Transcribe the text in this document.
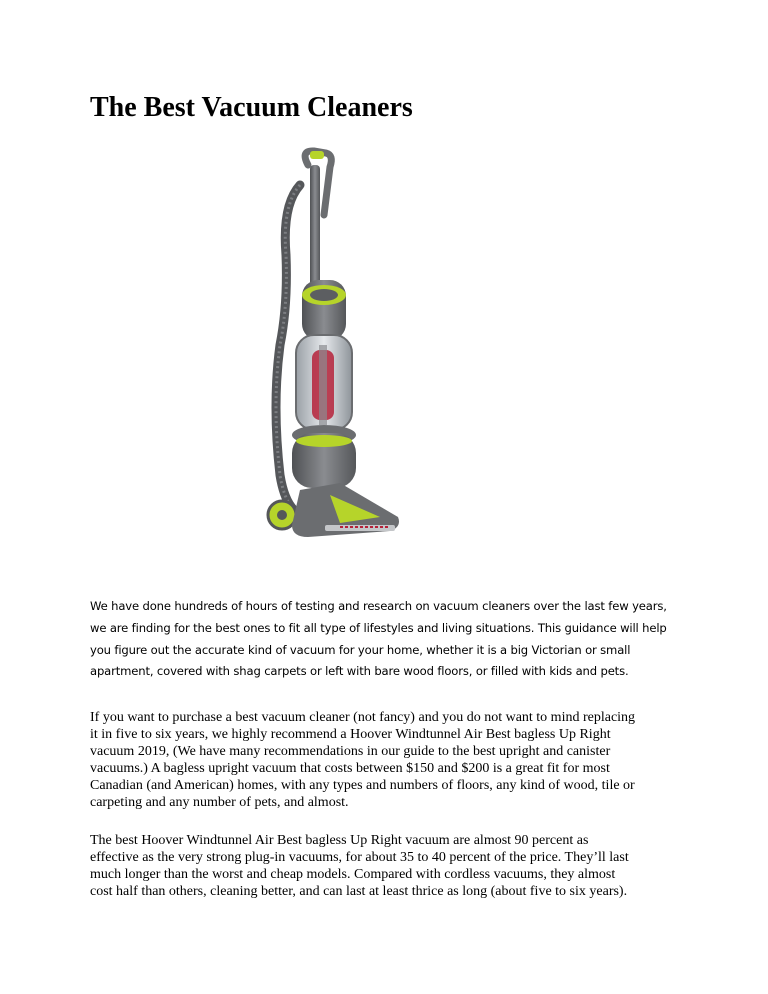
The Best Vacuum Cleaners
We have done hundreds of hours of testing and research on vacuum cleaners over the last few years,
we are finding for the best ones to fit all type of lifestyles and living situations. This guidance will help
you figure out the accurate kind of vacuum for your home, whether it is a big Victorian or small
apartment, covered with shag carpets or left with bare wood floors, or filled with kids and pets.
If you want to purchase a best vacuum cleaner (not fancy) and you do not want to mind replacing
it in five to six years, we highly recommend a Hoover Windtunnel Air Best bagless Up Right
vacuum 2019, (We have many recommendations in our guide to the best upright and canister
vacuums.) A bagless upright vacuum that costs between $150 and $200 is a great fit for most
Canadian (and American) homes, with any types and numbers of floors, any kind of wood, tile or
carpeting and any number of pets, and almost.
The best Hoover Windtunnel Air Best bagless Up Right vacuum are almost 90 percent as
effective as the very strong plug-in vacuums, for about 35 to 40 percent of the price. They’ll last
much longer than the worst and cheap models. Compared with cordless vacuums, they almost
cost half than others, cleaning better, and can last at least thrice as long (about five to six years).
